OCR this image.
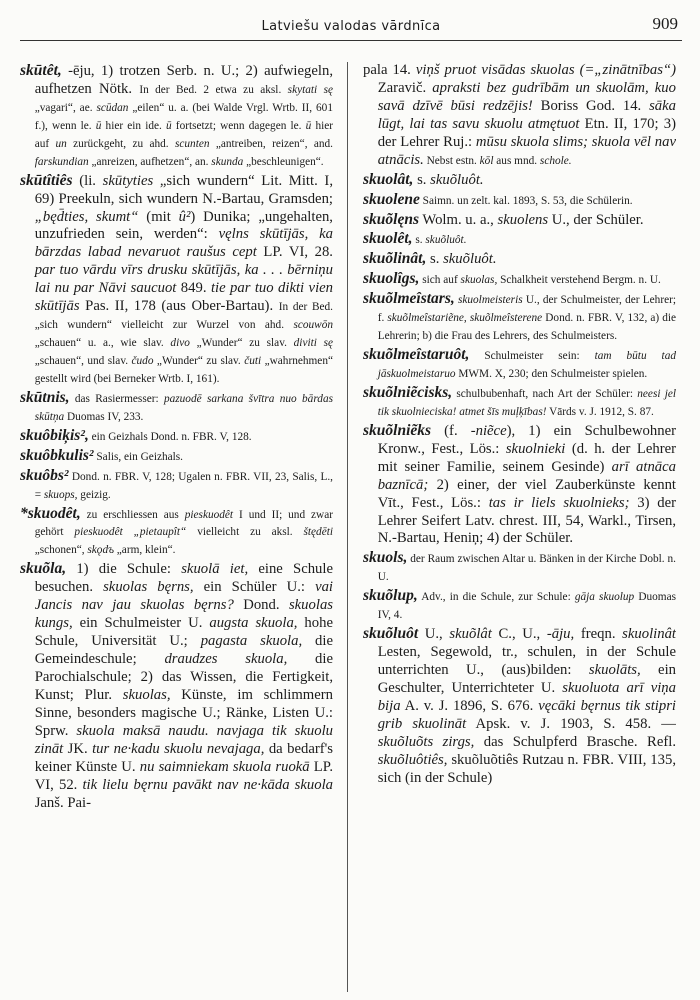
Latviešu valodas vārdnīca	909

skūtêt, -ēju, 1) trotzen Serb. n. U.; 2) aufwiegeln, aufhetzen Nötk. In der Bed. 2 etwa zu aksl. skytati sę „vagari“, ae. scūdan „eilen“ u. a. (bei Walde Vrgl. Wrtb. II, 601 f.), wenn le. ū hier ein ide. ū fortsetzt; wenn dagegen le. ū hier auf un zurückgeht, zu ahd. scunten „antreiben, reizen“, and. farskundian „anreizen, aufhetzen“, an. skunda „beschleunigen“.

skūtîtiês (li. skūtyties „sich wundern“ Lit. Mitt. I, 69) Preekuln, sich wundern N.-Bartau, Gramsden; „będ̄ties, skumt“ (mit û²) Dunika; „ungehalten, unzufrieden sein, werden“: vęlns skūtījās, ka bārzdas labad nevaruot raušus cept LP. VI, 28. par tuo vārdu vīrs drusku skūtījās, ka . . . bērniņu lai nu par Nāvi saucuot 849. tie par tuo dikti vien skūtījās Pas. II, 178 (aus Ober-Bartau). In der Bed. „sich wundern“ vielleicht zur Wurzel von ahd. scouwōn „schauen“ u. a., wie slav. divo „Wunder“ zu slav. diviti sę „schauen“, und slav. čudo „Wunder“ zu slav. čuti „wahrnehmen“ gestellt wird (bei Berneker Wrtb. I, 161).

skūtnis, das Rasiermesser: pazuodē sarkana švītra nuo bārdas skūtņa Duomas IV, 233.

skuôbiķis², ein Geizhals Dond. n. FBR. V, 128.

skuôbkulis² Salis, ein Geizhals.

skuôbs² Dond. n. FBR. V, 128; Ugalen n. FBR. VII, 23, Salis, L., = skuops, geizig.

*skuodêt, zu erschliessen aus pieskuodêt I und II; und zwar gehört pieskuodêt „pietaupît“ vielleicht zu aksl. štędēti „schonen“, skǫdъ „arm, klein“.

skuõla, 1) die Schule: skuolā iet, eine Schule besuchen. skuolas bęrns, ein Schüler U.: vai Jancis nav jau skuolas bęrns? Dond. skuolas kungs, ein Schulmeister U. augsta skuola, hohe Schule, Universität U.; pagasta skuola, die Gemeindeschule; draudzes skuola, die Parochialschule; 2) das Wissen, die Fertigkeit, Kunst; Plur. skuolas, Künste, im schlimmern Sinne, besonders magische U.; Ränke, Listen U.: Sprw. skuola maksā naudu. navjaga tik skuolu zināt JK. tur ne·kadu skuolu nevajaga, da bedarf's keiner Künste U. nu saimniekam skuola ruokā LP. VI, 52. tik lielu bęrnu pavākt nav ne·kāda skuola Janš. Pai-

pala 14. viņš pruot visādas skuolas (=„zinātnības“) Zaravič. apraksti bez gudrībām un skuolām, kuo savā dzīvē būsi redzējis! Boriss God. 14. sāka lūgt, lai tas savu skuolu atmętuot Etn. II, 170; 3) der Lehrer Ruj.: mūsu skuola slims; skuola vēl nav atnācis. Nebst estn. kōl aus mnd. schole.

skuolât, s. skuõluôt.

skuolene Saimn. un zelt. kal. 1893, S. 53, die Schülerin.

skuõlęns Wolm. u. a., skuolens U., der Schüler.

skuolêt, s. skuõluôt.

skuõlinât, s. skuõluôt.

skuolîgs, sich auf skuolas, Schalkheit verstehend Bergm. n. U.

skuõlmeîstars, skuolmeisteris U., der Schulmeister, der Lehrer; f. skuõlmeîstariẽne, skuõlmeîsterene Dond. n. FBR. V, 132, a) die Lehrerin; b) die Frau des Lehrers, des Schulmeisters.

skuõlmeîstaruôt, Schulmeister sein: tam būtu tad jāskuolmeistaruo MWM. X, 230; den Schulmeister spielen.

skuõlniẽcisks, schulbubenhaft, nach Art der Schüler: neesi jel tik skuolnieciska! atmet šīs muļķības! Vārds v. J. 1912, S. 87.

skuõlniẽks (f. -niẽce), 1) ein Schulbewohner Kronw., Fest., Lös.: skuolnieki (d. h. der Lehrer mit seiner Familie, seinem Gesinde) arī atnāca baznīcā; 2) einer, der viel Zauberkünste kennt Vīt., Fest., Lös.: tas ir liels skuolnieks; 3) der Lehrer Seifert Latv. chrest. III, 54, Warkl., Tirsen, N.-Bartau, Heniņ; 4) der Schüler.

skuols, der Raum zwischen Altar u. Bänken in der Kirche Dobl. n. U.

skuõlup, Adv., in die Schule, zur Schule: gāja skuolup Duomas IV, 4.

skuõluôt U., skuõlât C., U., -āju, freqn. skuolinât Lesten, Segewold, tr., schulen, in der Schule unterrichten U., (aus)bilden: skuolāts, ein Geschulter, Unterrichteter U. skuoluota arī viņa bija A. v. J. 1896, S. 676. vęcāki bęrnus tik stipri grib skuolināt Apsk. v. J. 1903, S. 458. — skuõluõts zirgs, das Schulpferd Brasche. Refl. skuõluôtiês, skuõluõtiês Rutzau n. FBR. VIII, 135, sich (in der Schule)
